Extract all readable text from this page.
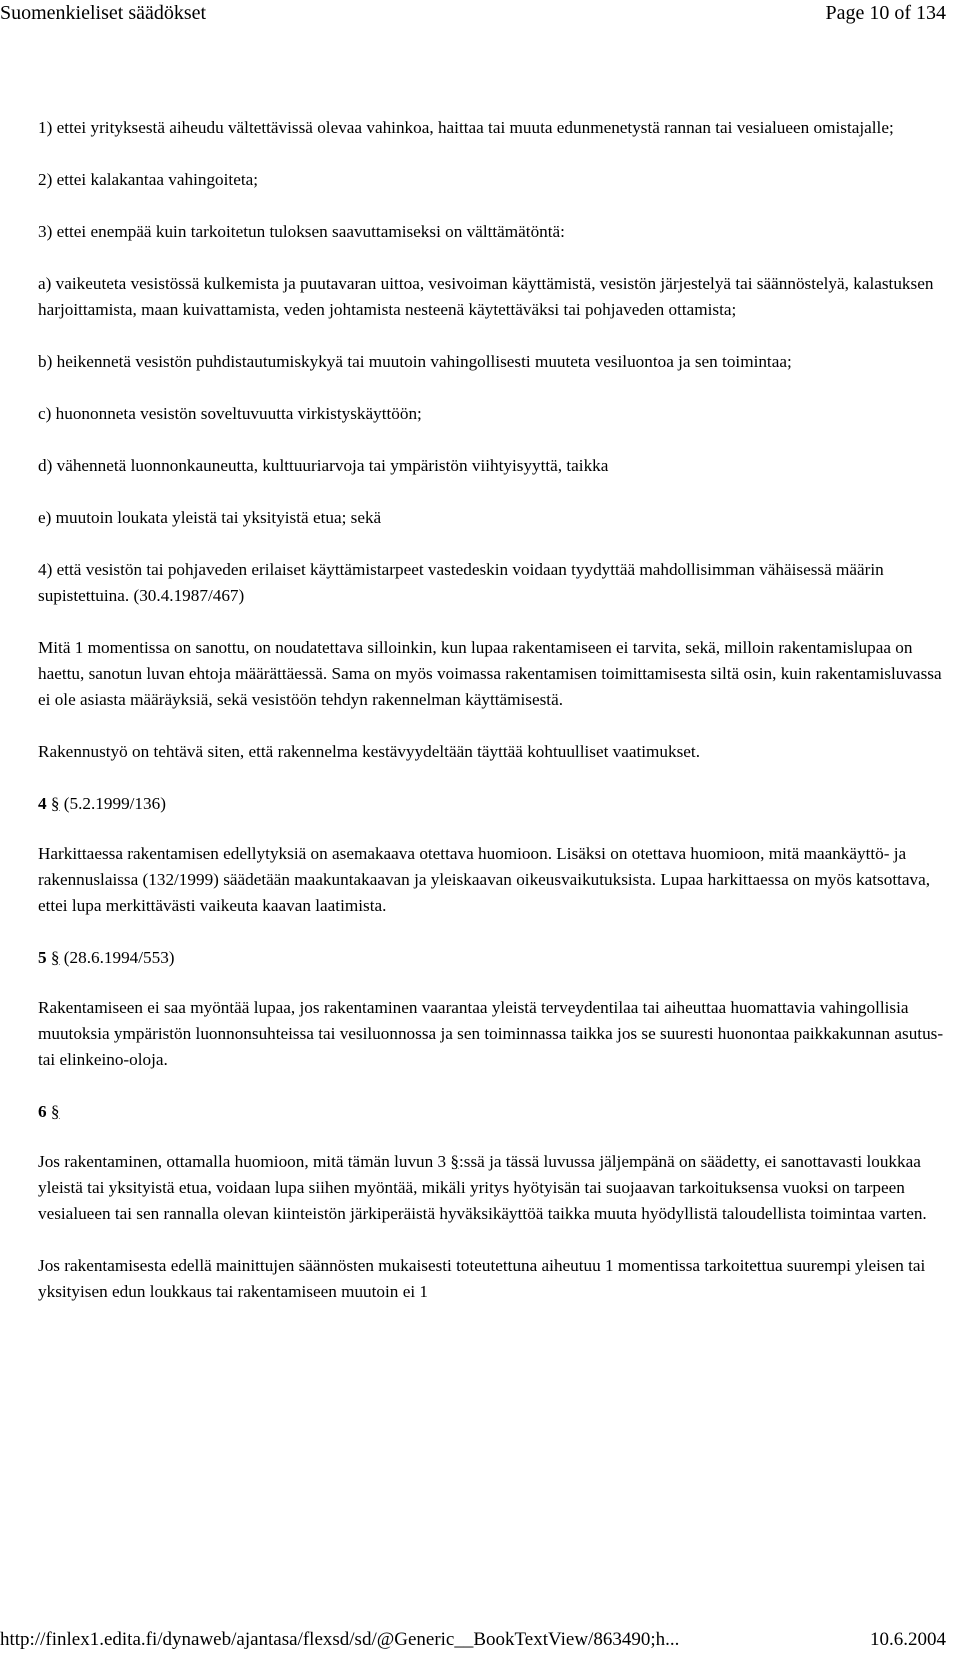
Suomenkieliset säädökset	Page 10 of 134

1) ettei yrityksestä aiheudu vältettävissä olevaa vahinkoa, haittaa tai muuta edunmenetystä rannan tai vesialueen omistajalle;

2) ettei kalakantaa vahingoiteta;

3) ettei enempää kuin tarkoitetun tuloksen saavuttamiseksi on välttämätöntä:

a) vaikeuteta vesistössä kulkemista ja puutavaran uittoa, vesivoiman käyttämistä, vesistön järjestelyä tai säännöstelyä, kalastuksen harjoittamista, maan kuivattamista, veden johtamista nesteenä käytettäväksi tai pohjaveden ottamista;

b) heikennetä vesistön puhdistautumiskykyä tai muutoin vahingollisesti muuteta vesiluontoa ja sen toimintaa;

c) huononneta vesistön soveltuvuutta virkistyskäyttöön;

d) vähennetä luonnonkauneutta, kulttuuriarvoja tai ympäristön viihtyisyyttä, taikka

e) muutoin loukata yleistä tai yksityistä etua; sekä

4) että vesistön tai pohjaveden erilaiset käyttämistarpeet vastedeskin voidaan tyydyttää mahdollisimman vähäisessä määrin supistettuina. (30.4.1987/467)

Mitä 1 momentissa on sanottu, on noudatettava silloinkin, kun lupaa rakentamiseen ei tarvita, sekä, milloin rakentamislupaa on haettu, sanotun luvan ehtoja määrättäessä. Sama on myös voimassa rakentamisen toimittamisesta siltä osin, kuin rakentamisluvassa ei ole asiasta määräyksiä, sekä vesistöön tehdyn rakennelman käyttämisestä.

Rakennustyö on tehtävä siten, että rakennelma kestävyydeltään täyttää kohtuulliset vaatimukset.

4 § (5.2.1999/136)

Harkittaessa rakentamisen edellytyksiä on asemakaava otettava huomioon. Lisäksi on otettava huomioon, mitä maankäyttö- ja rakennuslaissa (132/1999) säädetään maakuntakaavan ja yleiskaavan oikeusvaikutuksista. Lupaa harkittaessa on myös katsottava, ettei lupa merkittävästi vaikeuta kaavan laatimista.

5 § (28.6.1994/553)

Rakentamiseen ei saa myöntää lupaa, jos rakentaminen vaarantaa yleistä terveydentilaa tai aiheuttaa huomattavia vahingollisia muutoksia ympäristön luonnonsuhteissa tai vesiluonnossa ja sen toiminnassa taikka jos se suuresti huonontaa paikkakunnan asutus- tai elinkeino-oloja.

6 §

Jos rakentaminen, ottamalla huomioon, mitä tämän luvun 3 §:ssä ja tässä luvussa jäljempänä on säädetty, ei sanottavasti loukkaa yleistä tai yksityistä etua, voidaan lupa siihen myöntää, mikäli yritys hyötyisän tai suojaavan tarkoituksensa vuoksi on tarpeen vesialueen tai sen rannalla olevan kiinteistön järkiperäistä hyväksikäyttöä taikka muuta hyödyllistä taloudellista toimintaa varten.

Jos rakentamisesta edellä mainittujen säännösten mukaisesti toteutettuna aiheutuu 1 momentissa tarkoitettua suurempi yleisen tai yksityisen edun loukkaus tai rakentamiseen muutoin ei 1

http://finlex1.edita.fi/dynaweb/ajantasa/flexsd/sd/@Generic__BookTextView/863490;h...	10.6.2004
